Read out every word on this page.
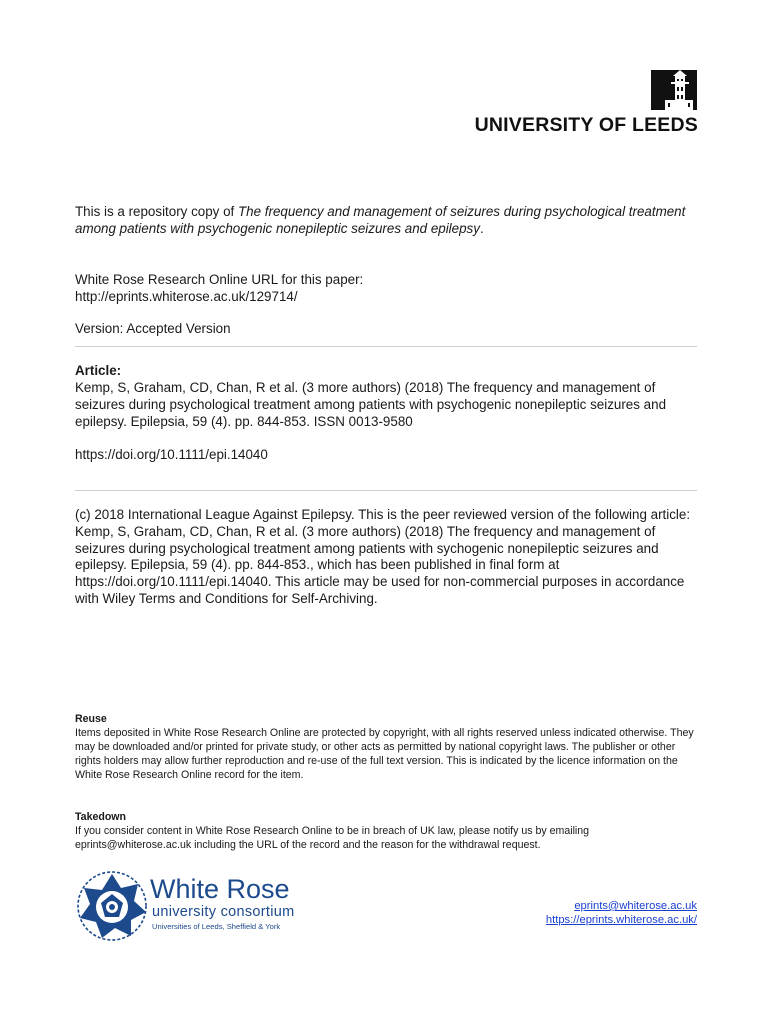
UNIVERSITY OF LEEDS
This is a repository copy of The frequency and management of seizures during psychological treatment among patients with psychogenic nonepileptic seizures and epilepsy.
White Rose Research Online URL for this paper:
http://eprints.whiterose.ac.uk/129714/
Version: Accepted Version
Article:
Kemp, S, Graham, CD, Chan, R et al. (3 more authors) (2018) The frequency and management of seizures during psychological treatment among patients with psychogenic nonepileptic seizures and epilepsy. Epilepsia, 59 (4). pp. 844-853. ISSN 0013-9580
https://doi.org/10.1111/epi.14040
(c) 2018 International League Against Epilepsy. This is the peer reviewed version of the following article: Kemp, S, Graham, CD, Chan, R et al. (3 more authors) (2018) The frequency and management of seizures during psychological treatment among patients with sychogenic nonepileptic seizures and epilepsy. Epilepsia, 59 (4). pp. 844-853., which has been published in final form at https://doi.org/10.1111/epi.14040. This article may be used for non-commercial purposes in accordance with Wiley Terms and Conditions for Self-Archiving.
Reuse
Items deposited in White Rose Research Online are protected by copyright, with all rights reserved unless indicated otherwise. They may be downloaded and/or printed for private study, or other acts as permitted by national copyright laws. The publisher or other rights holders may allow further reproduction and re-use of the full text version. This is indicated by the licence information on the White Rose Research Online record for the item.
Takedown
If you consider content in White Rose Research Online to be in breach of UK law, please notify us by emailing eprints@whiterose.ac.uk including the URL of the record and the reason for the withdrawal request.
White Rose
university consortium
Universities of Leeds, Sheffield & York
eprints@whiterose.ac.uk
https://eprints.whiterose.ac.uk/
